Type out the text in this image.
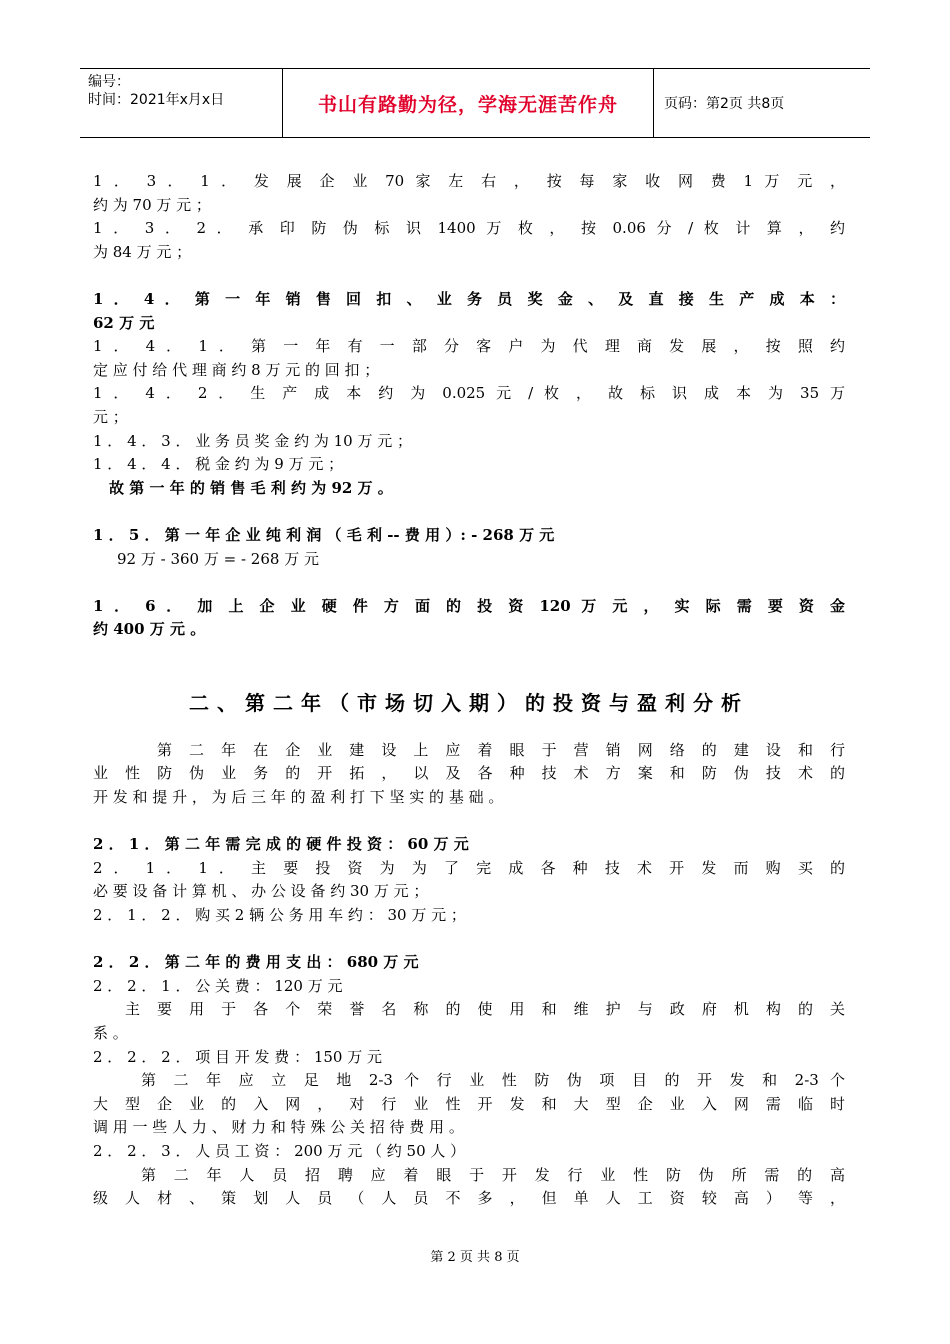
编号：
时间：2021年x月x日	书山有路勤为径，学海无涯苦作舟	页码：第2页 共8页
1 ． 3 ． 1 ． 发 展 企 业 70 家 左 右 ， 按 每 家 收 网 费 1 万 元 ，
约 为 70 万 元 ；
1 ． 3 ． 2 ． 承 印 防 伪 标 识 1400 万 枚 ， 按 0.06 分 / 枚 计 算 ， 约
为 84 万 元 ；
1 ． 4 ． 第 一 年 销 售 回 扣 、 业 务 员 奖 金 、 及 直 接 生 产 成 本 ：
62 万 元
1 ． 4 ． 1 ． 第 一 年 有 一 部 分 客 户 为 代 理 商 发 展 ， 按 照 约
定 应 付 给 代 理 商 约 8 万 元 的 回 扣 ；
1 ． 4 ． 2 ． 生 产 成 本 约 为 0.025 元 / 枚 ， 故 标 识 成 本 为 35 万
元 ；
1 ． 4 ． 3 ． 业 务 员 奖 金 约 为 10 万 元 ；
1 ． 4 ． 4 ． 税 金 约 为 9 万 元 ；
故 第 一 年 的 销 售 毛 利 约 为 92 万 。
1 ． 5 ． 第 一 年 企 业 纯 利 润 （ 毛 利 -- 费 用 ）: - 268 万 元
92 万 - 360 万 = - 268 万 元
1 ． 6 ． 加 上 企 业 硬 件 方 面 的 投 资 120 万 元 ， 实 际 需 要 资 金
约 400 万 元 。
二、第二年（市场切入期）的投资与盈利分析
第 二 年 在 企 业 建 设 上 应 着 眼 于 营 销 网 络 的 建 设 和 行
业 性 防 伪 业 务 的 开 拓 ， 以 及 各 种 技 术 方 案 和 防 伪 技 术 的
开 发 和 提 升 ， 为 后 三 年 的 盈 利 打 下 坚 实 的 基 础 。
2 ． 1 ． 第 二 年 需 完 成 的 硬 件 投 资 ： 60 万 元
2 ． 1 ． 1 ． 主 要 投 资 为 为 了 完 成 各 种 技 术 开 发 而 购 买 的
必 要 设 备 计 算 机 、 办 公 设 备 约 30 万 元 ；
2 ． 1 ． 2 ． 购 买 2 辆 公 务 用 车 约 ： 30 万 元 ；
2 ． 2 ． 第 二 年 的 费 用 支 出 ： 680 万 元
2 ． 2 ． 1 ． 公 关 费 ： 120 万 元
主 要 用 于 各 个 荣 誉 名 称 的 使 用 和 维 护 与 政 府 机 构 的 关
系 。
2 ． 2 ． 2 ． 项 目 开 发 费 ： 150 万 元
第 二 年 应 立 足 地 2-3 个 行 业 性 防 伪 项 目 的 开 发 和 2-3 个
大 型 企 业 的 入 网 ， 对 行 业 性 开 发 和 大 型 企 业 入 网 需 临 时
调 用 一 些 人 力 、 财 力 和 特 殊 公 关 招 待 费 用 。
2 ． 2 ． 3 ． 人 员 工 资 ： 200 万 元 （ 约 50 人 ）
第 二 年 人 员 招 聘 应 着 眼 于 开 发 行 业 性 防 伪 所 需 的 高
级 人 材 、 策 划 人 员 （ 人 员 不 多 ， 但 单 人 工 资 较 高 ） 等 ，
第 2 页 共 8 页
